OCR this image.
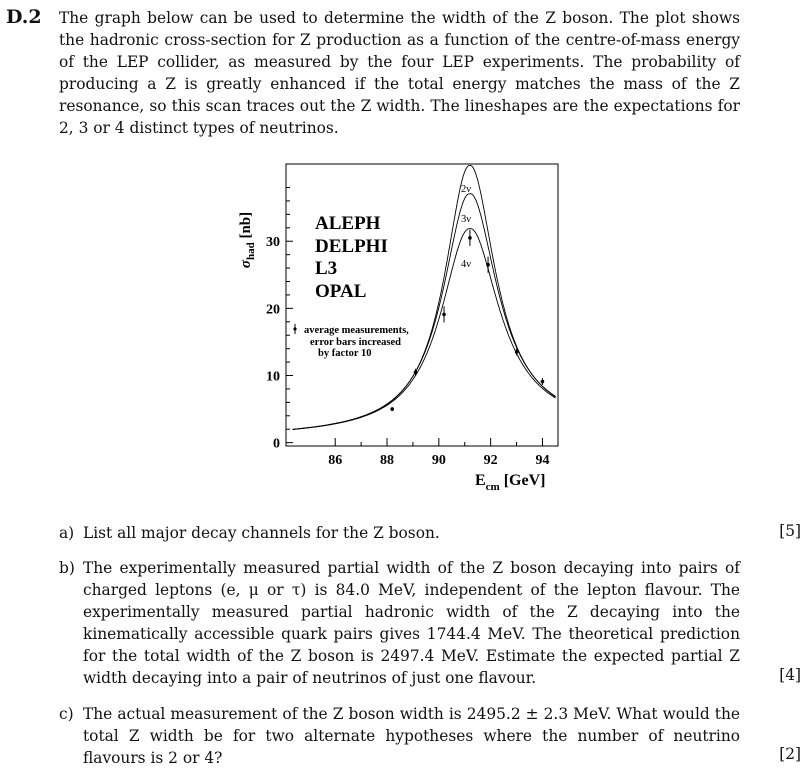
D.2 The graph below can be used to determine the width of the Z boson. The plot shows the hadronic cross-section for Z production as a function of the centre-of-mass energy of the LEP collider, as measured by the four LEP experiments. The probability of producing a Z is greatly enhanced if the total energy matches the mass of the Z resonance, so this scan traces out the Z width. The lineshapes are the expectations for 2, 3 or 4 distinct types of neutrinos.
0
10
20
30
86	88	90	92	94
$\sigma_{had}$ [nb]
$E_{cm}$ [GeV]
ALEPH
DELPHI
L3
OPAL
average measurements,
error bars increased
by factor 10
2ν
3ν
4ν
a) List all major decay channels for the Z boson.	[5]
b) The experimentally measured partial width of the Z boson decaying into pairs of charged leptons (e, μ or τ) is 84.0 MeV, independent of the lepton flavour. The experimentally measured partial hadronic width of the Z decaying into the kinematically accessible quark pairs gives 1744.4 MeV. The theoretical prediction for the total width of the Z boson is 2497.4 MeV. Estimate the expected partial Z width decaying into a pair of neutrinos of just one flavour.	[4]
c) The actual measurement of the Z boson width is 2495.2 ± 2.3 MeV. What would the total Z width be for two alternate hypotheses where the number of neutrino flavours is 2 or 4?	[2]
